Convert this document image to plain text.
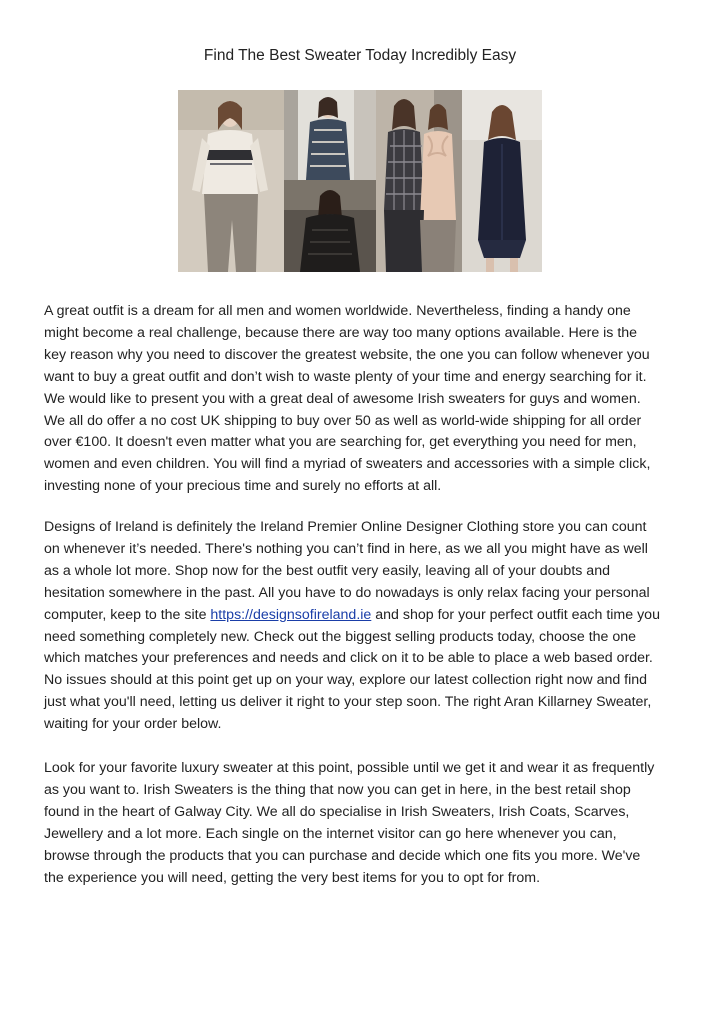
Find The Best Sweater Today Incredibly Easy

A great outfit is a dream for all men and women worldwide. Nevertheless, finding a handy one
might become a real challenge, because there are way too many options available. Here is the
key reason why you need to discover the greatest website, the one you can follow whenever you
want to buy a great outfit and don’t wish to waste plenty of your time and energy searching for it.
We would like to present you with a great deal of awesome Irish sweaters for guys and women.
We all do offer a no cost UK shipping to buy over 50 as well as world-wide shipping for all order
over €100. It doesn't even matter what you are searching for, get everything you need for men,
women and even children. You will find a myriad of sweaters and accessories with a simple click,
investing none of your precious time and surely no efforts at all.

Designs of Ireland is definitely the Ireland Premier Online Designer Clothing store you can count
on whenever it’s needed. There's nothing you can’t find in here, as we all you might have as well
as a whole lot more. Shop now for the best outfit very easily, leaving all of your doubts and
hesitation somewhere in the past. All you have to do nowadays is only relax facing your personal
computer, keep to the site https://designsofireland.ie and shop for your perfect outfit each time you
need something completely new. Check out the biggest selling products today, choose the one
which matches your preferences and needs and click on it to be able to place a web based order.
No issues should at this point get up on your way, explore our latest collection right now and find
just what you'll need, letting us deliver it right to your step soon. The right Aran Killarney Sweater,
waiting for your order below.

Look for your favorite luxury sweater at this point, possible until we get it and wear it as frequently
as you want to. Irish Sweaters is the thing that now you can get in here, in the best retail shop
found in the heart of Galway City. We all do specialise in Irish Sweaters, Irish Coats, Scarves,
Jewellery and a lot more. Each single on the internet visitor can go here whenever you can,
browse through the products that you can purchase and decide which one fits you more. We've
the experience you will need, getting the very best items for you to opt for from.
